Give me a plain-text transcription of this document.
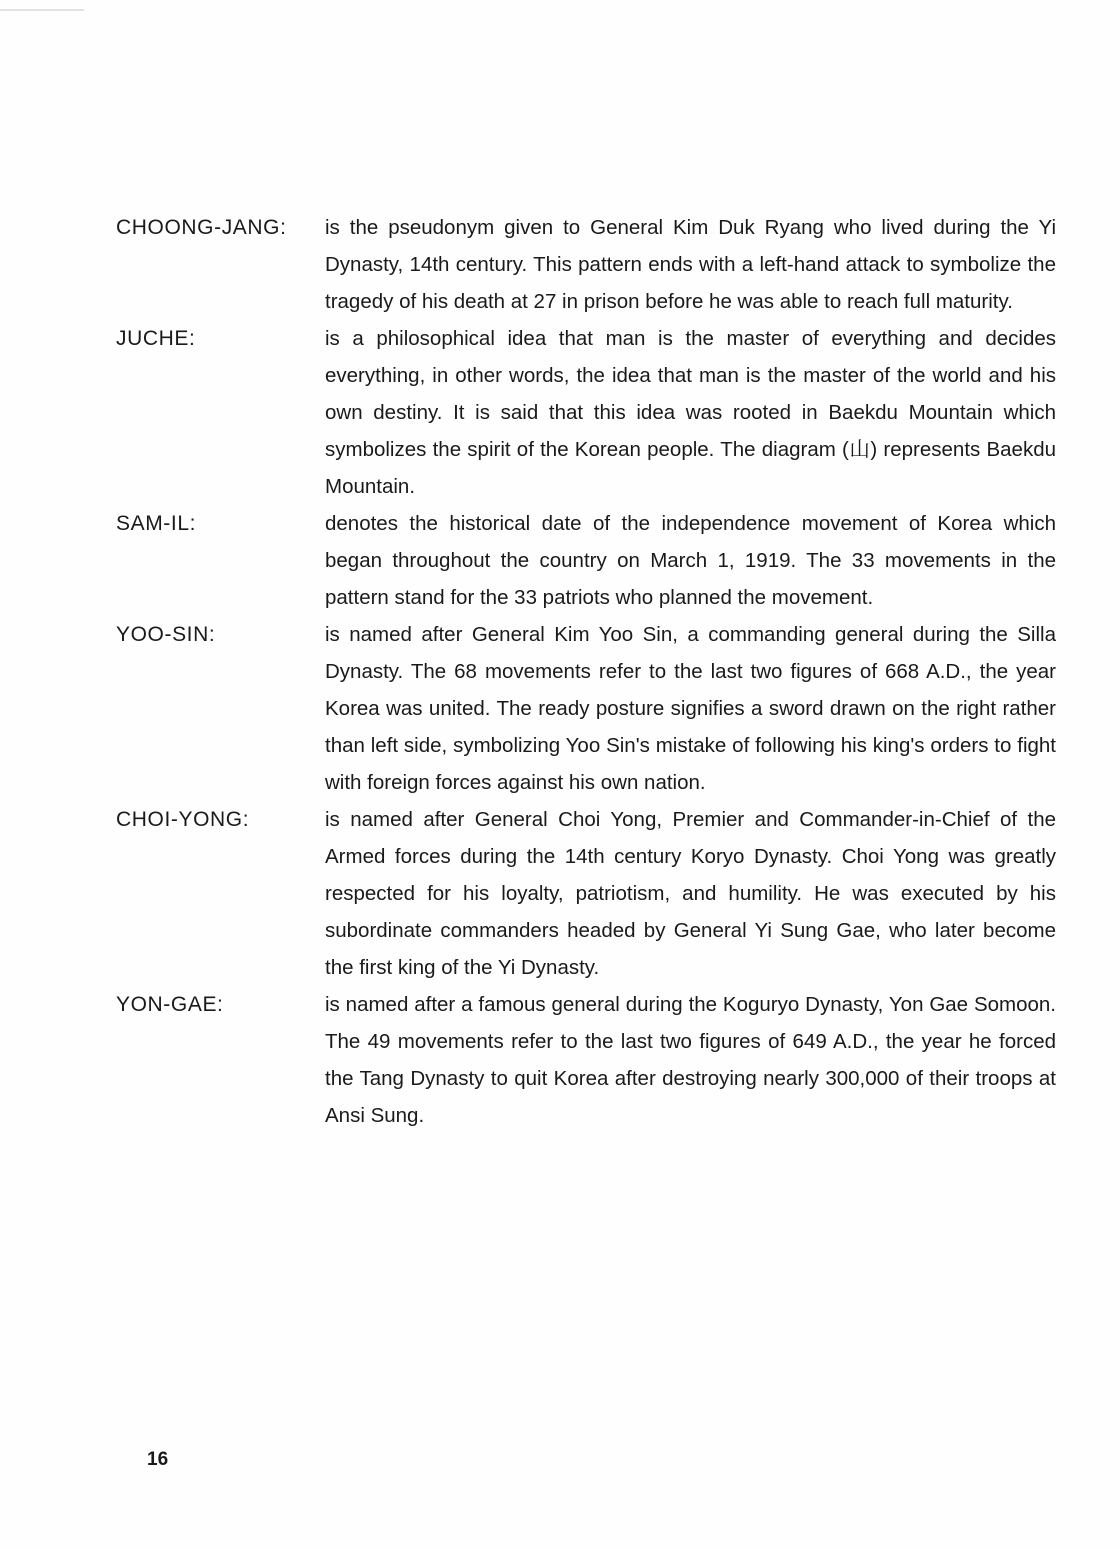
CHOONG-JANG: is the pseudonym given to General Kim Duk Ryang who lived during the Yi Dynasty, 14th century. This pattern ends with a left-hand attack to symbolize the tragedy of his death at 27 in prison before he was able to reach full maturity.
JUCHE:	is a philosophical idea that man is the master of everything and decides everything, in other words, the idea that man is the master of the world and his own destiny. It is said that this idea was rooted in Baekdu Mountain which symbolizes the spirit of the Korean people. The diagram (山) represents Baekdu Mountain.
SAM-IL:	denotes the historical date of the independence movement of Korea which began throughout the country on March 1, 1919. The 33 movements in the pattern stand for the 33 patriots who planned the movement.
YOO-SIN:	is named after General Kim Yoo Sin, a commanding general during the Silla Dynasty. The 68 movements refer to the last two figures of 668 A.D., the year Korea was united. The ready posture signifies a sword drawn on the right rather than left side, symbolizing Yoo Sin's mistake of following his king's orders to fight with foreign forces against his own nation.
CHOI-YONG:	is named after General Choi Yong, Premier and Commander-in-Chief of the Armed forces during the 14th century Koryo Dynasty. Choi Yong was greatly respected for his loyalty, patriotism, and humility. He was executed by his subordinate commanders headed by General Yi Sung Gae, who later become the first king of the Yi Dynasty.
YON-GAE:	is named after a famous general during the Koguryo Dynasty, Yon Gae Somoon. The 49 movements refer to the last two figures of 649 A.D., the year he forced the Tang Dynasty to quit Korea after destroying nearly 300,000 of their troops at Ansi Sung.
16
